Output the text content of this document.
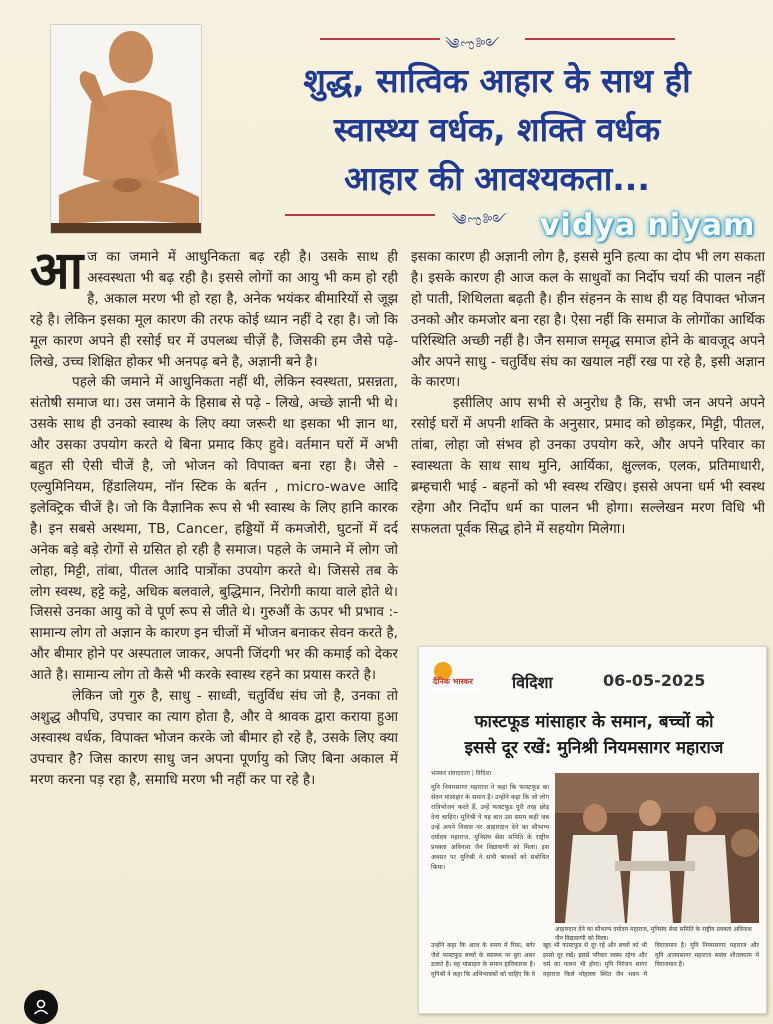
༄ಌ༻
शुद्ध, सात्विक आहार के साथ ही
स्वास्थ्य वर्धक, शक्ति वर्धक
आहार की आवश्यकता...
༄ಌ༻ vidya niyam

आज का जमाने में आधुनिकता बढ़ रही है। उसके साथ ही अस्वस्थता भी बढ़ रही है। इससे लोगों का आयु भी कम हो रही है, अकाल मरण भी हो रहा है, अनेक भयंकर बीमारियों से जूझ रहे है। लेकिन इसका मूल कारण की तरफ कोई ध्यान नहीं दे रहा है। जो कि मूल कारण अपने ही रसोई घर में उपलब्ध चीज़ें है, जिसकी हम जैसे पढ़े- लिखे, उच्च शिक्षित होकर भी अनपढ़ बने है, अज्ञानी बने है।

पहले की जमाने में आधुनिकता नहीं थी, लेकिन स्वस्थता, प्रसन्नता, संतोषी समाज था। उस जमाने के हिसाब से पढ़े - लिखे, अच्छे ज्ञानी भी थे। उसके साथ ही उनको स्वास्थ के लिए क्या जरूरी था इसका भी ज्ञान था, और उसका उपयोग करते थे बिना प्रमाद किए हुवे। वर्तमान घरों में अभी बहुत सी ऐसी चीजें है, जो भोजन को विपाक्त बना रहा है। जैसे - एल्युमिनियम, हिंडालियम, नॉन स्टिक के बर्तन , micro-wave आदि इलेक्ट्रिक चीजें है। जो कि वैज्ञानिक रूप से भी स्वास्थ के लिए हानि कारक है। इन सबसे अस्थमा, TB, Cancer, हड्डियों में कमजोरी, घुटनों में दर्द अनेक बड़े बड़े रोगों से ग्रसित हो रही है समाज। पहले के जमाने में लोग जो लोहा, मिट्टी, तांबा, पीतल आदि पात्रोंका उपयोग करते थे। जिससे तब के लोग स्वस्थ, हट्टे कट्टे, अधिक बलवाले, बुद्धिमान, निरोगी काया वाले होते थे। जिससे उनका आयु को वे पूर्ण रूप से जीते थे। गुरुऔं के ऊपर भी प्रभाव :- सामान्य लोग तो अज्ञान के कारण इन चीजों में भोजन बनाकर सेवन करते है, और बीमार होने पर अस्पताल जाकर, अपनी जिंदगी भर की कमाई को देकर आते है। सामान्य लोग तो कैसे भी करके स्वास्थ रहने का प्रयास करते है।

लेकिन जो गुरु है, साधु - साध्वी, चतुर्विध संघ जो है, उनका तो अशुद्ध औपधि, उपचार का त्याग होता है, और वे श्रावक द्वारा कराया हुआ अस्वास्थ वर्धक, विपाक्त भोजन करके जो बीमार हो रहे है, उसके लिए क्या उपचार है? जिस कारण साधु जन अपना पूर्णायु को जिए बिना अकाल में मरण करना पड़ रहा है, समाधि मरण भी नहीं कर पा रहे है।

इसका कारण ही अज्ञानी लोग है, इससे मुनि हत्या का दोप भी लग सकता है। इसके कारण ही आज कल के साधुवों का निर्दोप चर्या की पालन नहीं हो पाती, शिथिलता बढ़ती है। हीन संहनन के साथ ही यह विपाक्त भोजन उनको और कमजोर बना रहा है। ऐसा नहीं कि समाज के लोगोंका आर्थिक परिस्थिति अच्छी नहीं है। जैन समाज समृद्ध समाज होने के बावजूद अपने और अपने साधु - चतुर्विध संघ का खयाल नहीं रख पा रहे है, इसी अज्ञान के कारण।

इसीलिए आप सभी से अनुरोध है कि, सभी जन अपने अपने रसोई घरों में अपनी शक्ति के अनुसार, प्रमाद को छोड़कर, मिट्टी, पीतल, तांबा, लोहा जो संभव हो उनका उपयोग करे, और अपने परिवार का स्वास्थता के साथ साथ मुनि, आर्यिका, क्षुल्लक, एलक, प्रतिमाधारी, ब्रम्हचारी भाई - बहनों को भी स्वस्थ रखिए। इससे अपना धर्म भी स्वस्थ रहेगा और निर्दोप धर्म का पालन भी होगा। सल्लेखन मरण विधि भी सफलता पूर्वक सिद्ध होने में सहयोग मिलेगा।

दैनिक भास्कर	विदिशा	06-05-2025
फास्टफूड मांसाहार के समान, बच्चों को
इससे दूर रखें: मुनिश्री नियमसागर महाराज
भास्कर संवाददाता | विदिशा
मुनि नियमसागर महाराज ने कहा कि फास्टफूड का सेवन मांसाहार के समान है। उन्होंने कहा कि जो लोग रात्रिभोजन करते हैं, उन्हें फास्टफूड पूरी तरह छोड़ देना चाहिए। मुनिश्री ने यह बात उस समय कही जब उन्हें अपने निवास पर आहारदान देने का सौभाग्य दयोदय महाराज, मुनिसंघ सेवा समिति के राष्ट्रीय प्रवक्ता अविनाश जैन विद्यावाणी को मिला। इस अवसर पर मुनिश्री ने सभी श्रावकों को संबोधित किया।
आहारदान देने का सौभाग्य दयोदय महाराज, मुनिसंघ सेवा समिति के राष्ट्रीय प्रवक्ता अविनाश जैन विद्यावाणी को मिला।
उन्होंने कहा कि आज के समय में रिफ़ा, बर्गर जैसे फास्टफूड बच्चों के स्वास्थ्य पर बुरा असर डालते हैं। यह मांसाहार के समान हानिकारक है। मुनिश्री ने कहा कि अभिभावकों को चाहिए कि वे खुद भी फास्टफूड से दूर रहें और बच्चों को भी इससे दूर रखें। इससे परिवार स्वस्थ रहेगा और धर्म का पालन भी होगा। मुनि निरंजन सागर महाराज किले मोहल्ला स्थित जैन भवन में विराजमान हैं। मुनि नियमसागर महाराज और मुनि अजयसागर महाराज ससंघ शीतलधाम में विराजमान हैं।
